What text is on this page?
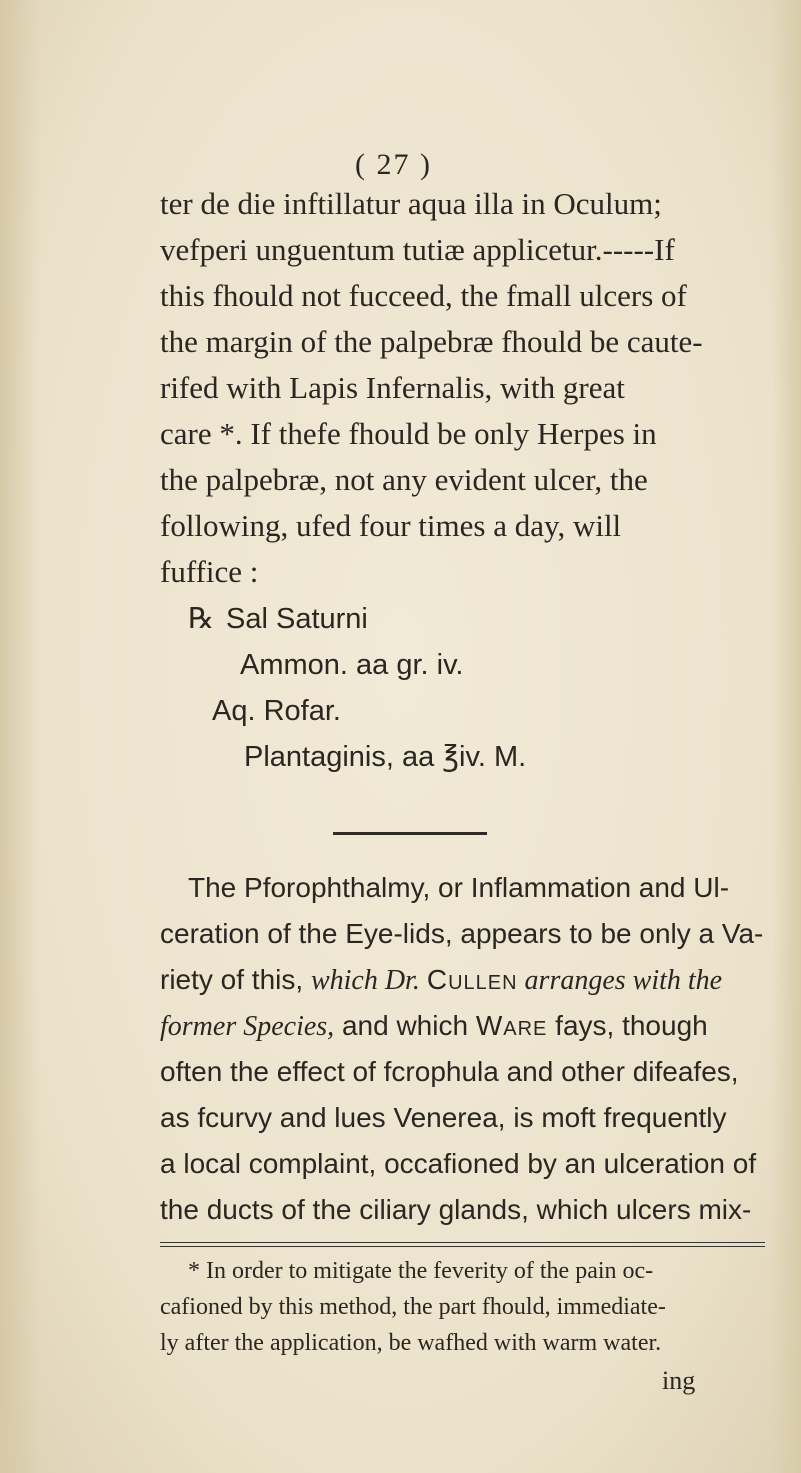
( 27 )
ter de die inftillatur aqua illa in Oculum;
vefperi unguentum tutiæ applicetur.-----If
this fhould not fucceed, the fmall ulcers of
the margin of the palpebræ fhould be caute-
rifed with Lapis Infernalis, with great
care *. If thefe fhould be only Herpes in
the palpebræ, not any evident ulcer, the
following, ufed four times a day, will
fuffice :
℞ Sal Saturni
Ammon. aa gr. iv.
Aq. Rofar.
Plantaginis, aa ℥iv. M.
The Pforophthalmy, or Inflammation and Ul-
ceration of the Eye-lids, appears to be only a Va-
riety of this, which Dr. Cullen arranges with the
former Species, and which Ware fays, though
often the effect of fcrophula and other difeafes,
as fcurvy and lues Venerea, is moft frequently
a local complaint, occafioned by an ulceration of
the ducts of the ciliary glands, which ulcers mix-
* In order to mitigate the feverity of the pain oc-
cafioned by this method, the part fhould, immediate-
ly after the application, be wafhed with warm water.
ing
